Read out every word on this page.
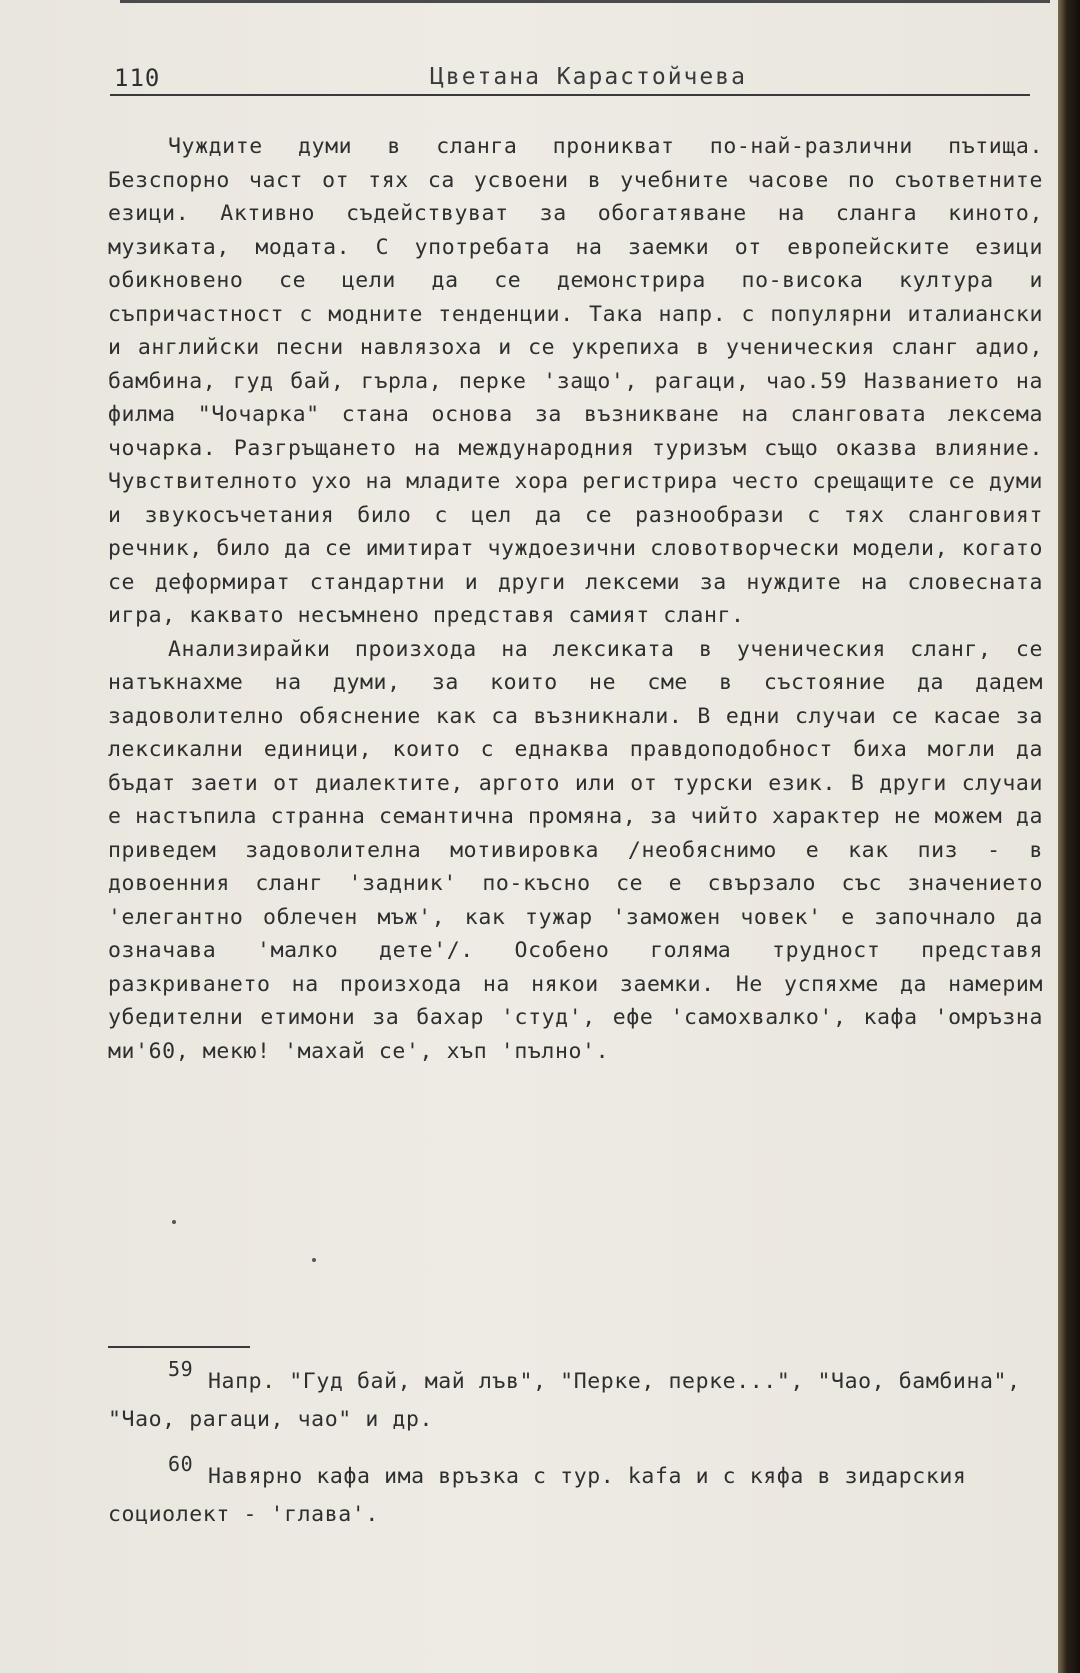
110	Цветана Карастойчева

Чуждите думи в сланга проникват по-най-различни пътища. Безспорно част от тях са усвоени в учебните часове по съответните езици. Активно съдействуват за обогатяване на сланга киното, музиката, модата. С употребата на заемки от европейските езици обикновено се цели да се демонстрира по-висока култура и съпричастност с модните тенденции. Така напр. с популярни италиански и английски песни навлязоха и се укрепиха в ученическия сланг адио, бамбина, гуд бай, гърла, перке 'защо', рагаци, чао.59 Названието на филма "Чочарка" стана основа за възникване на сланговата лексема чочарка. Разгръщането на международния туризъм също оказва влияние. Чувствителното ухо на младите хора регистрира често срещащите се думи и звукосъчетания било с цел да се разнообрази с тях сланговият речник, било да се имитират чуждоезични словотворчески модели, когато се деформират стандартни и други лексеми за нуждите на словесната игра, каквато несъмнено представя самият сланг.

Анализирайки произхода на лексиката в ученическия сланг, се натъкнахме на думи, за които не сме в състояние да дадем задоволително обяснение как са възникнали. В едни случаи се касае за лексикални единици, които с еднаква правдоподобност биха могли да бъдат заети от диалектите, аргото или от турски език. В други случаи е настъпила странна семантична промяна, за чийто характер не можем да приведем задоволителна мотивировка /необяснимо е как пиз - в довоенния сланг 'задник' по-късно се е свързало със значението 'елегантно облечен мъж', как тужар 'заможен човек' е започнало да означава 'малко дете'/. Особено голяма трудност представя разкриването на произхода на някои заемки. Не успяхме да намерим убедителни етимони за бахар 'студ', ефе 'самохвалко', кафа 'омръзна ми'60, мекю! 'махай се', хъп 'пълно'.

59 Напр. "Гуд бай, май лъв", "Перке, перке...", "Чао, бамбина", "Чао, рагаци, чао" и др.
60 Навярно кафа има връзка с тур. kafa и с кяфа в зидарския социолект - 'глава'.
